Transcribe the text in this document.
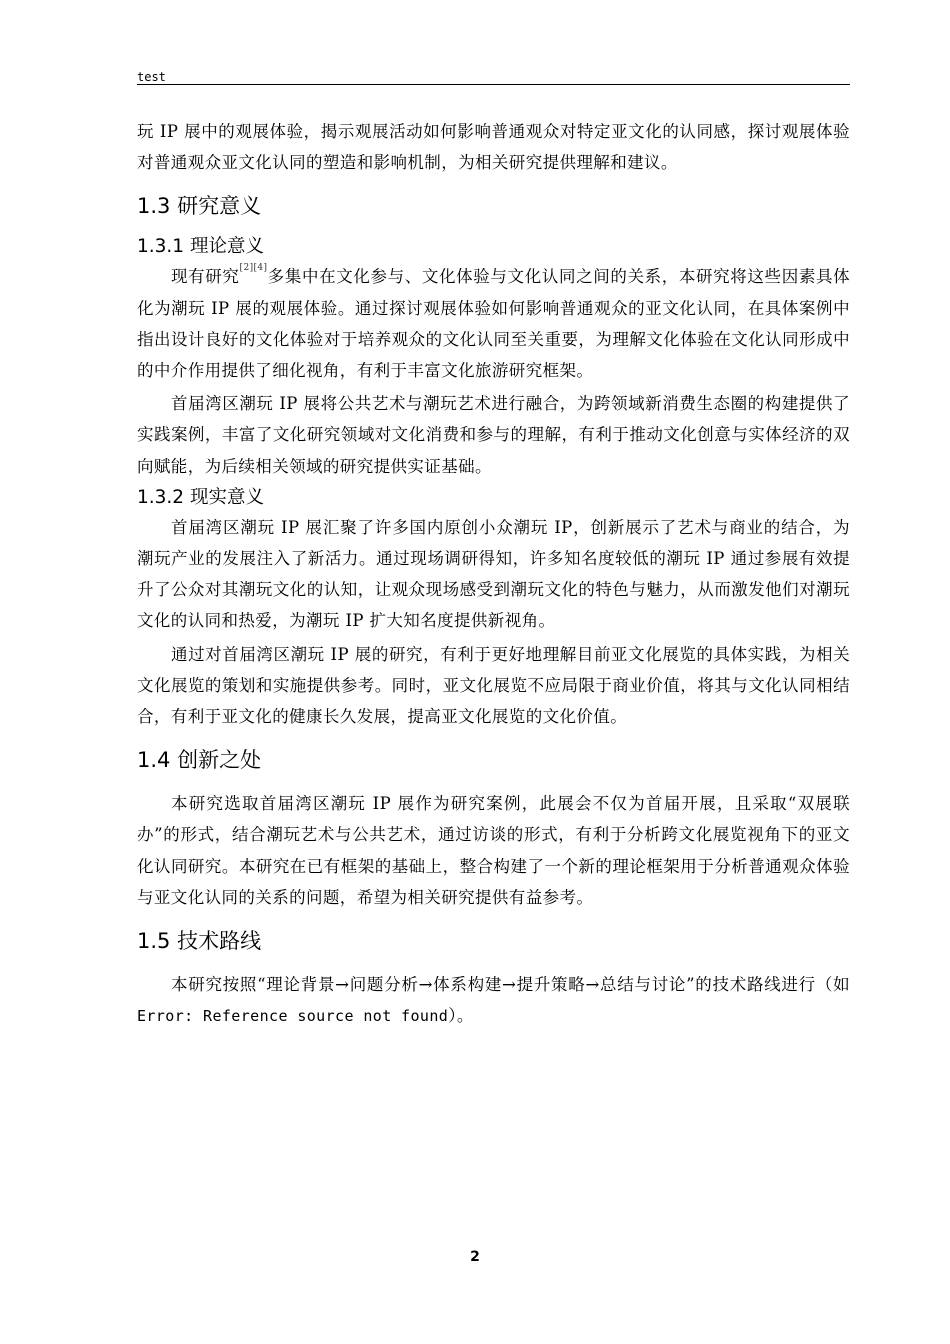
test

玩 IP 展中的观展体验，揭示观展活动如何影响普通观众对特定亚文化的认同感，探讨观展体验对普通观众亚文化认同的塑造和影响机制，为相关研究提供理解和建议。

1.3 研究意义
1.3.1 理论意义

现有研究[2][4]多集中在文化参与、文化体验与文化认同之间的关系，本研究将这些因素具体化为潮玩 IP 展的观展体验。通过探讨观展体验如何影响普通观众的亚文化认同，在具体案例中指出设计良好的文化体验对于培养观众的文化认同至关重要，为理解文化体验在文化认同形成中的中介作用提供了细化视角，有利于丰富文化旅游研究框架。

首届湾区潮玩 IP 展将公共艺术与潮玩艺术进行融合，为跨领域新消费生态圈的构建提供了实践案例，丰富了文化研究领域对文化消费和参与的理解，有利于推动文化创意与实体经济的双向赋能，为后续相关领域的研究提供实证基础。

1.3.2 现实意义

首届湾区潮玩 IP 展汇聚了许多国内原创小众潮玩 IP，创新展示了艺术与商业的结合，为潮玩产业的发展注入了新活力。通过现场调研得知，许多知名度较低的潮玩 IP 通过参展有效提升了公众对其潮玩文化的认知，让观众现场感受到潮玩文化的特色与魅力，从而激发他们对潮玩文化的认同和热爱，为潮玩 IP 扩大知名度提供新视角。

通过对首届湾区潮玩 IP 展的研究，有利于更好地理解目前亚文化展览的具体实践，为相关文化展览的策划和实施提供参考。同时，亚文化展览不应局限于商业价值，将其与文化认同相结合，有利于亚文化的健康长久发展，提高亚文化展览的文化价值。

1.4 创新之处

本研究选取首届湾区潮玩 IP 展作为研究案例，此展会不仅为首届开展，且采取“双展联办”的形式，结合潮玩艺术与公共艺术，通过访谈的形式，有利于分析跨文化展览视角下的亚文化认同研究。本研究在已有框架的基础上，整合构建了一个新的理论框架用于分析普通观众体验与亚文化认同的关系的问题，希望为相关研究提供有益参考。

1.5 技术路线

本研究按照“理论背景→问题分析→体系构建→提升策略→总结与讨论”的技术路线进行（如Error: Reference source not found）。

2
